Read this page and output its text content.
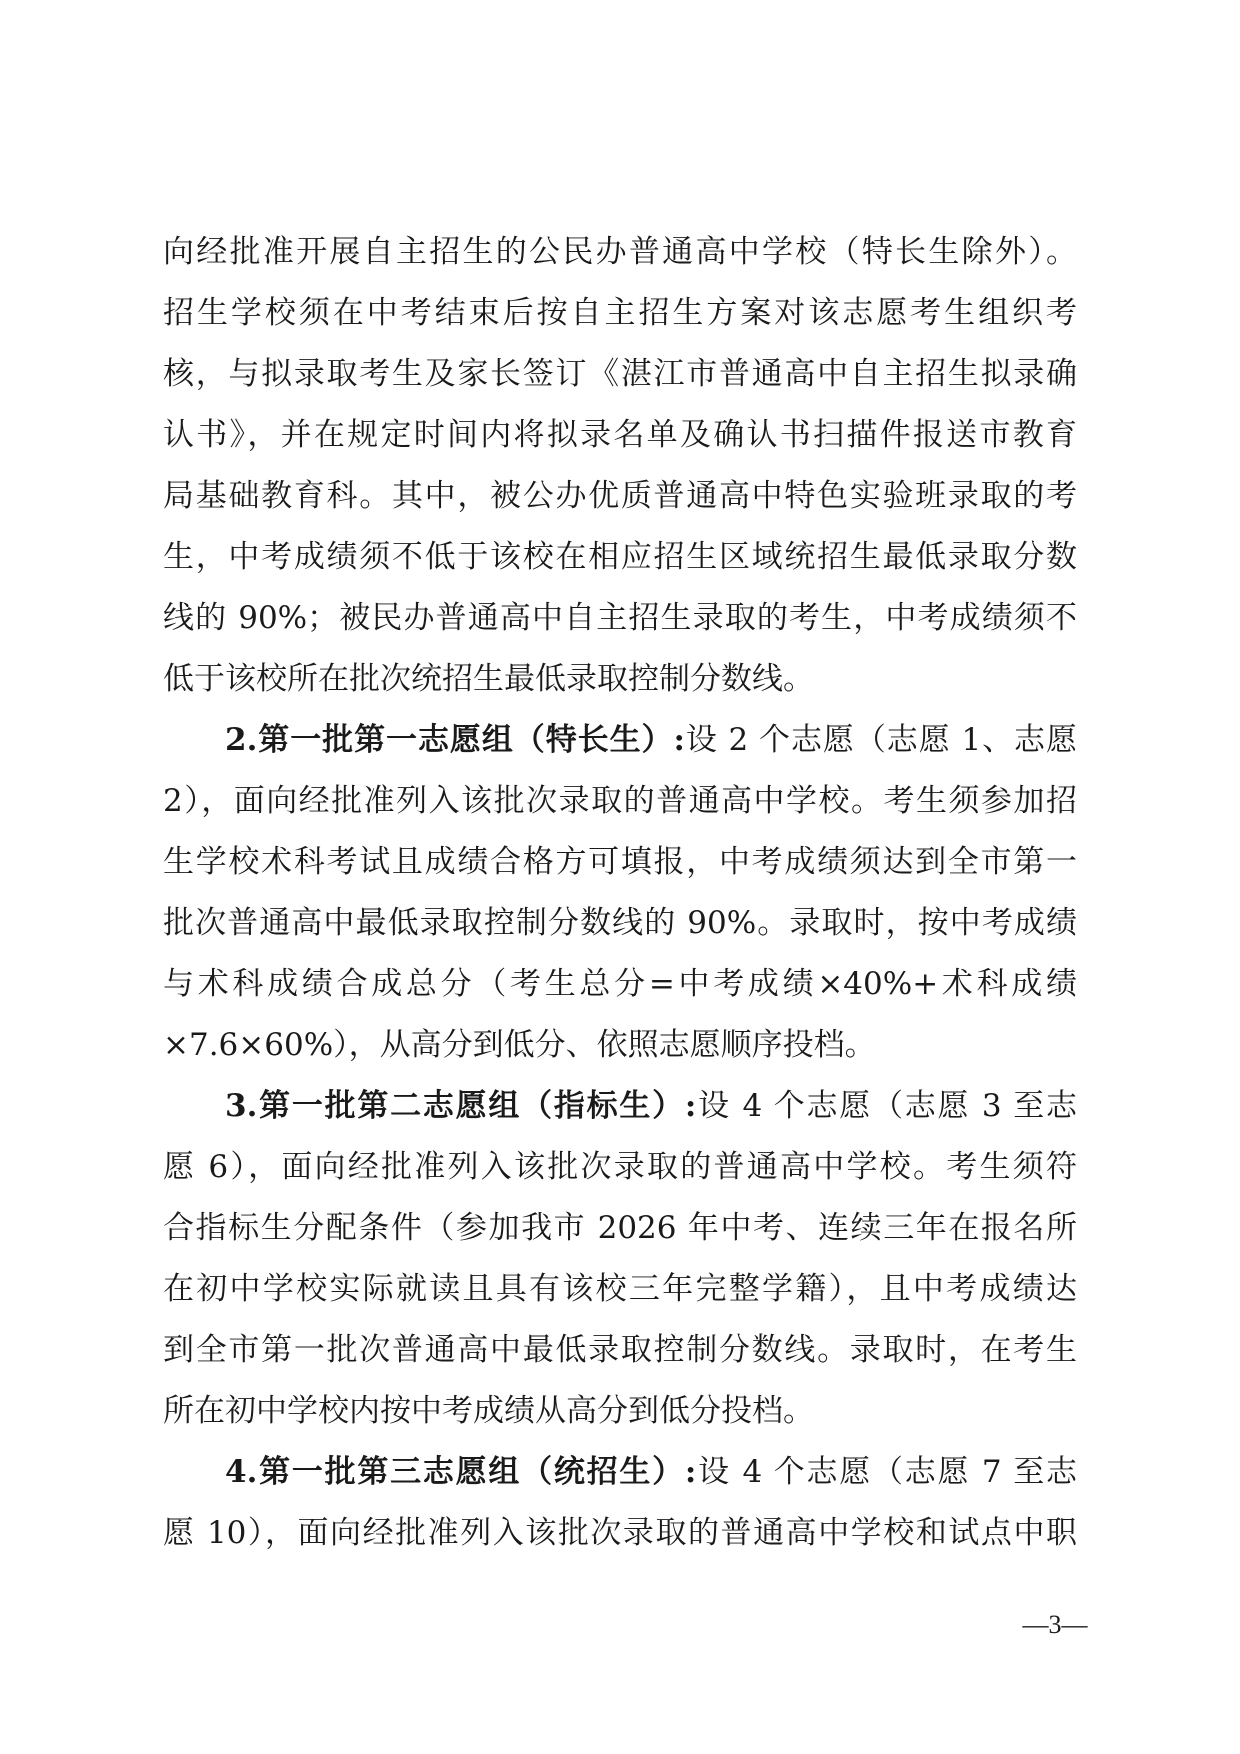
向经批准开展自主招生的公民办普通高中学校（特长生除外）。
招生学校须在中考结束后按自主招生方案对该志愿考生组织考
核，与拟录取考生及家长签订《湛江市普通高中自主招生拟录确
认书》，并在规定时间内将拟录名单及确认书扫描件报送市教育
局基础教育科。其中，被公办优质普通高中特色实验班录取的考
生，中考成绩须不低于该校在相应招生区域统招生最低录取分数
线的 90%；被民办普通高中自主招生录取的考生，中考成绩须不
低于该校所在批次统招生最低录取控制分数线。
2.第一批第一志愿组（特长生）:设 2 个志愿（志愿 1、志愿
2），面向经批准列入该批次录取的普通高中学校。考生须参加招
生学校术科考试且成绩合格方可填报，中考成绩须达到全市第一
批次普通高中最低录取控制分数线的 90%。录取时，按中考成绩
与术科成绩合成总分（考生总分=中考成绩×40%+术科成绩
×7.6×60%），从高分到低分、依照志愿顺序投档。
3.第一批第二志愿组（指标生）:设 4 个志愿（志愿 3 至志
愿 6），面向经批准列入该批次录取的普通高中学校。考生须符
合指标生分配条件（参加我市 2026 年中考、连续三年在报名所
在初中学校实际就读且具有该校三年完整学籍），且中考成绩达
到全市第一批次普通高中最低录取控制分数线。录取时，在考生
所在初中学校内按中考成绩从高分到低分投档。
4.第一批第三志愿组（统招生）:设 4 个志愿（志愿 7 至志
愿 10），面向经批准列入该批次录取的普通高中学校和试点中职
—3—
